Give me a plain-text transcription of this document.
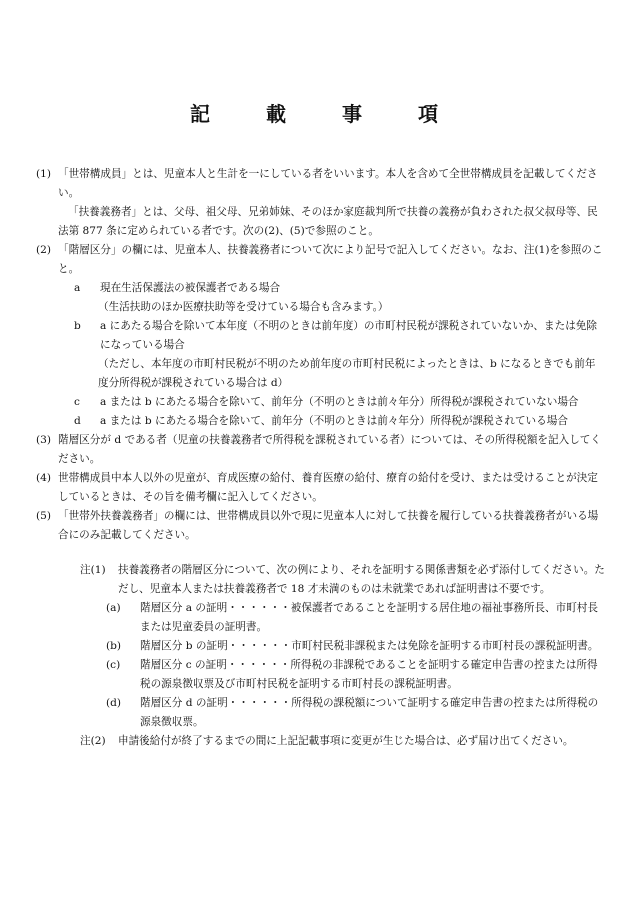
記	載	事	項
(1) 「世帯構成員」とは、児童本人と生計を一にしている者をいいます。本人を含めて全世帯構成員を記載してください。

「扶養義務者」とは、父母、祖父母、兄弟姉妹、そのほか家庭裁判所で扶養の義務が負わされた叔父叔母等、民法第 877 条に定められている者です。次の(2)、(5)で参照のこと。

(2) 「階層区分」の欄には、児童本人、扶養義務者について次により記号で記入してください。なお、注(1)を参照のこと。

a 現在生活保護法の被保護者である場合

（生活扶助のほか医療扶助等を受けている場合も含みます。）

b a にあたる場合を除いて本年度（不明のときは前年度）の市町村民税が課税されていないか、または免除になっている場合

（ただし、本年度の市町村民税が不明のため前年度の市町村民税によったときは、b になるときでも前年度分所得税が課税されている場合は d）

c a または b にあたる場合を除いて、前年分（不明のときは前々年分）所得税が課税されていない場合

d a または b にあたる場合を除いて、前年分（不明のときは前々年分）所得税が課税されている場合

(3) 階層区分が d である者（児童の扶養義務者で所得税を課税されている者）については、その所得税額を記入してください。

(4) 世帯構成員中本人以外の児童が、育成医療の給付、養育医療の給付、療育の給付を受け、または受けることが決定しているときは、その旨を備考欄に記入してください。

(5) 「世帯外扶養義務者」の欄には、世帯構成員以外で現に児童本人に対して扶養を履行している扶養義務者がいる場合にのみ記載してください。

注(1) 扶養義務者の階層区分について、次の例により、それを証明する関係書類を必ず添付してください。ただし、児童本人または扶養義務者で 18 才未満のものは未就業であれば証明書は不要です。

(a) 階層区分 a の証明・・・・・・被保護者であることを証明する居住地の福祉事務所長、市町村長または児童委員の証明書。

(b) 階層区分 b の証明・・・・・・市町村民税非課税または免除を証明する市町村長の課税証明書。

(c) 階層区分 c の証明・・・・・・所得税の非課税であることを証明する確定申告書の控または所得税の源泉徴収票及び市町村民税を証明する市町村長の課税証明書。

(d) 階層区分 d の証明・・・・・・所得税の課税額について証明する確定申告書の控または所得税の源泉徴収票。

注(2) 申請後給付が終了するまでの間に上記記載事項に変更が生じた場合は、必ず届け出てください。
